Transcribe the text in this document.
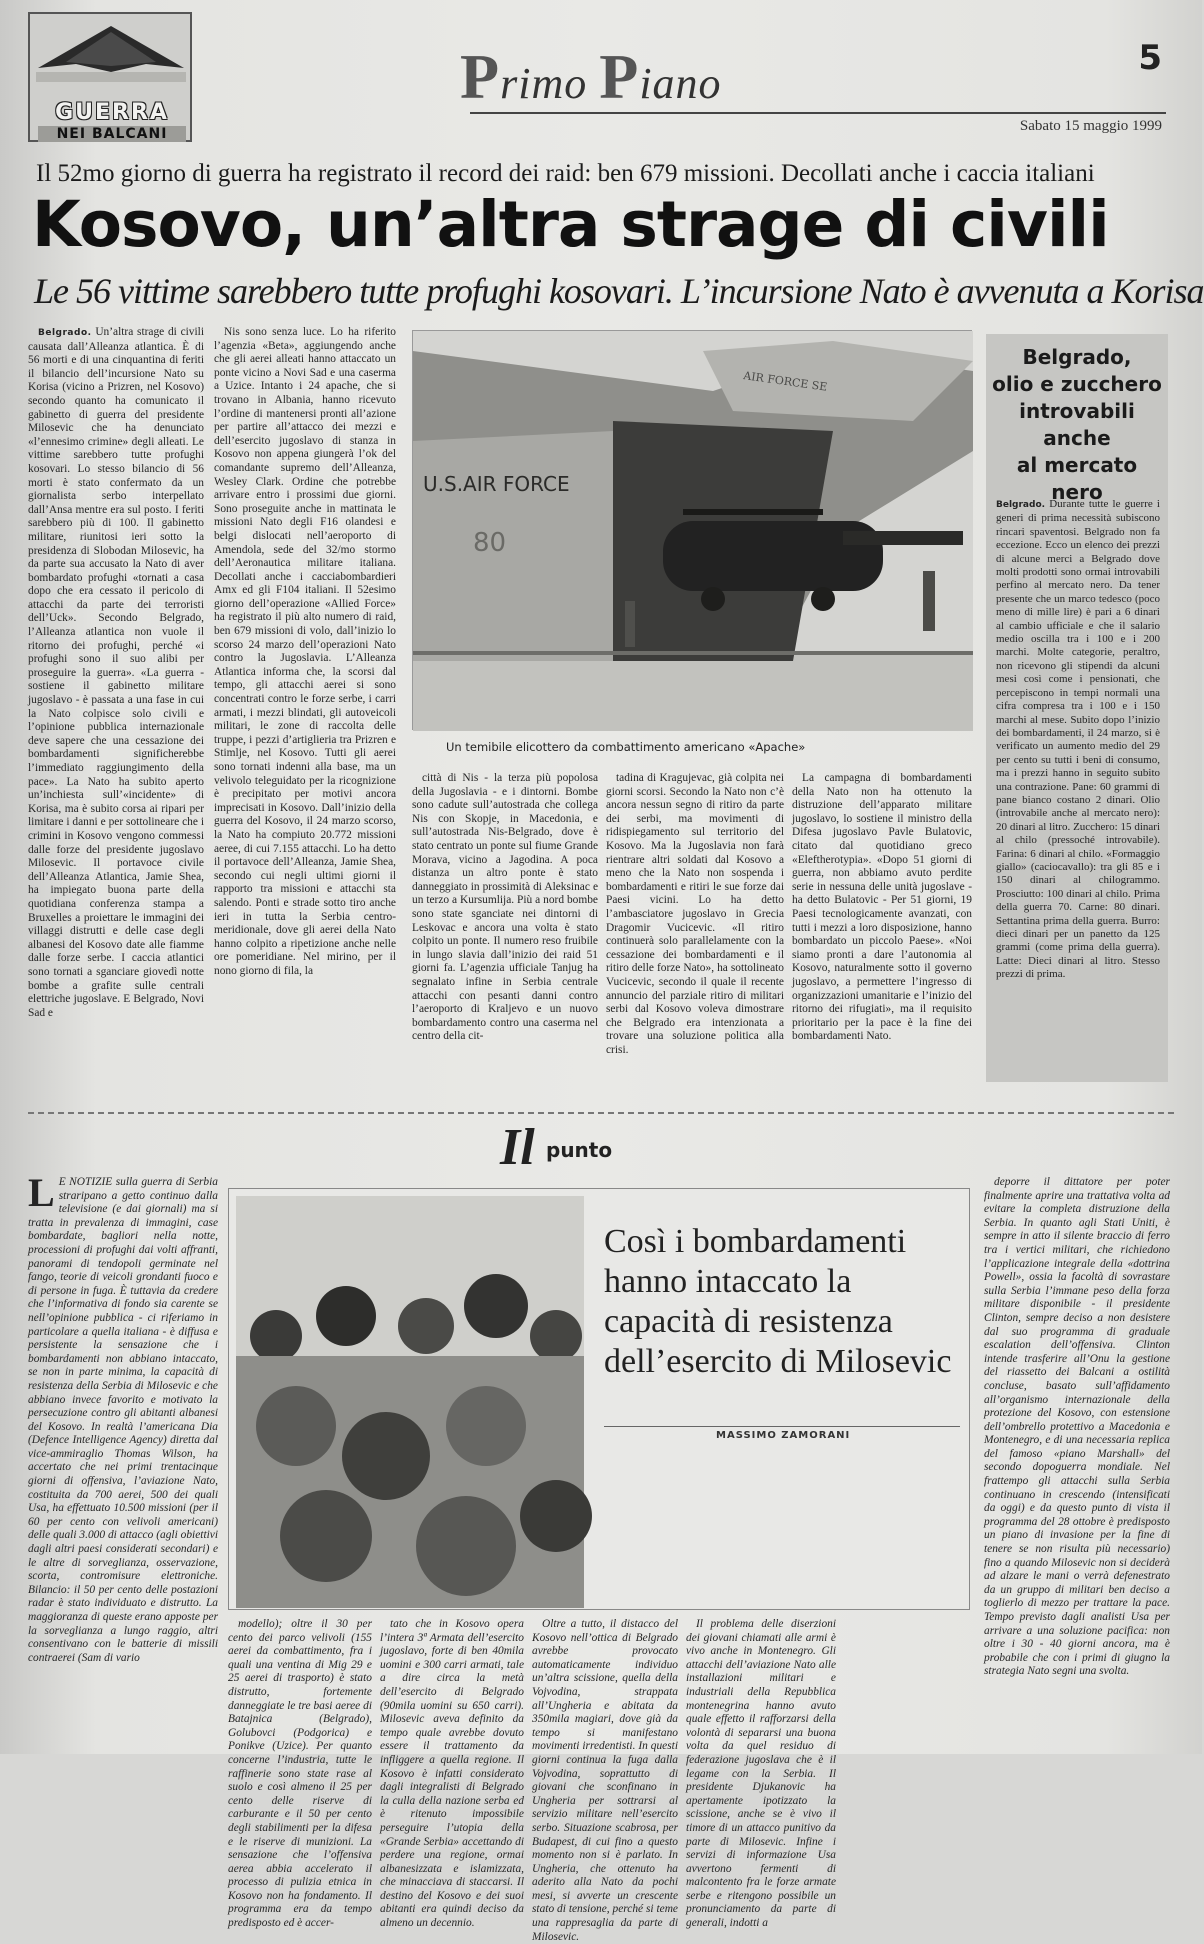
GUERRA
NEI BALCANI
Primo Piano
5
Sabato 15 maggio 1999
Il 52mo giorno di guerra ha registrato il record dei raid: ben 679 missioni. Decollati anche i caccia italiani
Kosovo, un’altra strage di civili
Le 56 vittime sarebbero tutte profughi kosovari. L’incursione Nato è avvenuta a Korisa

Belgrado. Un’altra strage di civili causata dall’Alleanza atlantica. È di 56 morti e di una cinquantina di feriti il bilancio dell’incursione Nato su Korisa (vicino a Prizren, nel Kosovo) secondo quanto ha comunicato il gabinetto di guerra del presidente Milosevic che ha denunciato «l’ennesimo crimine» degli alleati. Le vittime sarebbero tutte profughi kosovari. Lo stesso bilancio di 56 morti è stato confermato da un giornalista serbo interpellato dall’Ansa mentre era sul posto. I feriti sarebbero più di 100. Il gabinetto militare, riunitosi ieri sotto la presidenza di Slobodan Milosevic, ha da parte sua accusato la Nato di aver bombardato profughi «tornati a casa dopo che era cessato il pericolo di attacchi da parte dei terroristi dell’Uck». Secondo Belgrado, l’Alleanza atlantica non vuole il ritorno dei profughi, perché «i profughi sono il suo alibi per proseguire la guerra». «La guerra - sostiene il gabinetto militare jugoslavo - è passata a una fase in cui la Nato colpisce solo civili e l’opinione pubblica internazionale deve sapere che una cessazione dei bombardamenti significherebbe l’immediato raggiungimento della pace». La Nato ha subito aperto un’inchiesta sull’«incidente» di Korisa, ma è subito corsa ai ripari per limitare i danni e per sottolineare che i crimini in Kosovo vengono commessi dalle forze del presidente jugoslavo Milosevic. Il portavoce civile dell’Alleanza Atlantica, Jamie Shea, ha impiegato buona parte della quotidiana conferenza stampa a Bruxelles a proiettare le immagini dei villaggi distrutti e delle case degli albanesi del Kosovo date alle fiamme dalle forze serbe. I caccia atlantici sono tornati a sganciare giovedì notte bombe a grafite sulle centrali elettriche jugoslave. E Belgrado, Novi Sad e

Nis sono senza luce. Lo ha riferito l’agenzia «Beta», aggiungendo anche che gli aerei alleati hanno attaccato un ponte vicino a Novi Sad e una caserma a Uzice. Intanto i 24 apache, che si trovano in Albania, hanno ricevuto l’ordine di mantenersi pronti all’azione per partire all’attacco dei mezzi e dell’esercito jugoslavo di stanza in Kosovo non appena giungerà l’ok del comandante supremo dell’Alleanza, Wesley Clark. Ordine che potrebbe arrivare entro i prossimi due giorni. Sono proseguite anche in mattinata le missioni Nato degli F16 olandesi e belgi dislocati nell’aeroporto di Amendola, sede del 32/mo stormo dell’Aeronautica militare italiana. Decollati anche i cacciabombardieri Amx ed gli F104 italiani. Il 52esimo giorno dell’operazione «Allied Force» ha registrato il più alto numero di raid, ben 679 missioni di volo, dall’inizio lo scorso 24 marzo dell’operazioni Nato contro la Jugoslavia. L’Alleanza Atlantica informa che, la scorsi dal tempo, gli attacchi aerei si sono concentrati contro le forze serbe, i carri armati, i mezzi blindati, gli autoveicoli militari, le zone di raccolta delle truppe, i pezzi d’artiglieria tra Prizren e Stimlje, nel Kosovo. Tutti gli aerei sono tornati indenni alla base, ma un velivolo teleguidato per la ricognizione è precipitato per motivi ancora imprecisati in Kosovo. Dall’inizio della guerra del Kosovo, il 24 marzo scorso, la Nato ha compiuto 20.772 missioni aeree, di cui 7.155 attacchi. Lo ha detto il portavoce dell’Alleanza, Jamie Shea, secondo cui negli ultimi giorni il rapporto tra missioni e attacchi sta salendo. Ponti e strade sotto tiro anche ieri in tutta la Serbia centro-meridionale, dove gli aerei della Nato hanno colpito a ripetizione anche nelle ore pomeridiane. Nel mirino, per il nono giorno di fila, la

U.S.AIR FORCE
AIR FORCE SE
80
Un temibile elicottero da combattimento americano «Apache»

città di Nis - la terza più popolosa della Jugoslavia - e i dintorni. Bombe sono cadute sull’autostrada che collega Nis con Skopje, in Macedonia, e sull’autostrada Nis-Belgrado, dove è stato centrato un ponte sul fiume Grande Morava, vicino a Jagodina. A poca distanza un altro ponte è stato danneggiato in prossimità di Aleksinac e un terzo a Kursumlija. Più a nord bombe sono state sganciate nei dintorni di Leskovac e ancora una volta è stato colpito un ponte. Il numero reso fruibile in lungo slavia dall’inizio dei raid 51 giorni fa. L’agenzia ufficiale Tanjug ha segnalato infine in Serbia centrale attacchi con pesanti danni contro l’aeroporto di Kraljevo e un nuovo bombardamento contro una caserma nel centro della cit-

tadina di Kragujevac, già colpita nei giorni scorsi. Secondo la Nato non c’è ancora nessun segno di ritiro da parte dei serbi, ma movimenti di ridispiegamento sul territorio del Kosovo. Ma la Jugoslavia non farà rientrare altri soldati dal Kosovo a meno che la Nato non sospenda i bombardamenti e ritiri le sue forze dai Paesi vicini. Lo ha detto l’ambasciatore jugoslavo in Grecia Dragomir Vucicevic. «Il ritiro continuerà solo parallelamente con la cessazione dei bombardamenti e il ritiro delle forze Nato», ha sottolineato Vucicevic, secondo il quale il recente annuncio del parziale ritiro di militari serbi dal Kosovo voleva dimostrare che Belgrado era intenzionata a trovare una soluzione politica alla crisi.

La campagna di bombardamenti della Nato non ha ottenuto la distruzione dell’apparato militare jugoslavo, lo sostiene il ministro della Difesa jugoslavo Pavle Bulatovic, citato dal quotidiano greco «Eleftherotypia». «Dopo 51 giorni di guerra, non abbiamo avuto perdite serie in nessuna delle unità jugoslave - ha detto Bulatovic - Per 51 giorni, 19 Paesi tecnologicamente avanzati, con tutti i mezzi a loro disposizione, hanno bombardato un piccolo Paese». «Noi siamo pronti a dare l’autonomia al Kosovo, naturalmente sotto il governo jugoslavo, a permettere l’ingresso di organizzazioni umanitarie e l’inizio del ritorno dei rifugiati», ma il requisito prioritario per la pace è la fine dei bombardamenti Nato.

Belgrado,
olio e zucchero
introvabili
anche
al mercato nero
Belgrado. Durante tutte le guerre i generi di prima necessità subiscono rincari spaventosi. Belgrado non fa eccezione. Ecco un elenco dei prezzi di alcune merci a Belgrado dove molti prodotti sono ormai introvabili perfino al mercato nero. Da tener presente che un marco tedesco (poco meno di mille lire) è pari a 6 dinari al cambio ufficiale e che il salario medio oscilla tra i 100 e i 200 marchi. Molte categorie, peraltro, non ricevono gli stipendi da alcuni mesi così come i pensionati, che percepiscono in tempi normali una cifra compresa tra i 100 e i 150 marchi al mese. Subito dopo l’inizio dei bombardamenti, il 24 marzo, si è verificato un aumento medio del 29 per cento su tutti i beni di consumo, ma i prezzi hanno in seguito subito una contrazione. Pane: 60 grammi di pane bianco costano 2 dinari. Olio (introvabile anche al mercato nero): 20 dinari al litro. Zucchero: 15 dinari al chilo (pressoché introvabile). Farina: 6 dinari al chilo. «Formaggio giallo» (caciocavallo): tra gli 85 e i 150 dinari al chilogrammo. Prosciutto: 100 dinari al chilo. Prima della guerra 70. Carne: 80 dinari. Settantina prima della guerra. Burro: dieci dinari per un panetto da 125 grammi (come prima della guerra). Latte: Dieci dinari al litro. Stesso prezzi di prima.
Il punto

L E NOTIZIE sulla guerra di Serbia straripano a getto continuo dalla televisione (e dai giornali) ma si tratta in prevalenza di immagini, case bombardate, bagliori nella notte, processioni di profughi dai volti affranti, panorami di tendopoli germinate nel fango, teorie di veicoli grondanti fuoco e di persone in fuga. È tuttavia da credere che l’informativa di fondo sia carente se nell’opinione pubblica - ci riferiamo in particolare a quella italiana - è diffusa e persistente la sensazione che i bombardamenti non abbiano intaccato, se non in parte minima, la capacità di resistenza della Serbia di Milosevic e che abbiano invece favorito e motivato la persecuzione contro gli abitanti albanesi del Kosovo. In realtà l’americana Dia (Defence Intelligence Agency) diretta dal vice-ammiraglio Thomas Wilson, ha accertato che nei primi trentacinque giorni di offensiva, l’aviazione Nato, costituita da 700 aerei, 500 dei quali Usa, ha effettuato 10.500 missioni (per il 60 per cento con velivoli americani) delle quali 3.000 di attacco (agli obiettivi dagli altri paesi considerati secondari) e le altre di sorveglianza, osservazione, scorta, contromisure elettroniche. Bilancio: il 50 per cento delle postazioni radar è stato individuato e distrutto. La maggioranza di queste erano apposte per la sorveglianza a lungo raggio, altri consentivano con le batterie di missili contraerei (Sam di vario

Così i bombardamenti hanno intaccato la capacità di resistenza dell’esercito di Milosevic
MASSIMO ZAMORANI

modello); oltre il 30 per cento dei parco velivoli (155 aerei da combattimento, fra i quali una ventina di Mig 29 e 25 aerei di trasporto) è stato distrutto, fortemente danneggiate le tre basi aeree di Batajnica (Belgrado), Golubovci (Podgorica) e Ponikve (Uzice). Per quanto concerne l’industria, tutte le raffinerie sono state rase al suolo e così almeno il 25 per cento delle riserve di carburante e il 50 per cento degli stabilimenti per la difesa e le riserve di munizioni. La sensazione che l’offensiva aerea abbia accelerato il processo di pulizia etnica in Kosovo non ha fondamento. Il programma era da tempo predisposto ed è accer-

tato che in Kosovo opera l’intera 3ª Armata dell’esercito jugoslavo, forte di ben 40mila uomini e 300 carri armati, tale a dire circa la metà dell’esercito di Belgrado (90mila uomini su 650 carri). Milosevic aveva definito da tempo quale avrebbe dovuto essere il trattamento da infliggere a quella regione. Il Kosovo è infatti considerato dagli integralisti di Belgrado la culla della nazione serba ed è ritenuto impossibile perseguire l’utopia della «Grande Serbia» accettando di perdere una regione, ormai albanesizzata e islamizzata, che minacciava di staccarsi. Il destino del Kosovo e dei suoi abitanti era quindi deciso da almeno un decennio.

Oltre a tutto, il distacco del Kosovo nell’ottica di Belgrado avrebbe provocato automaticamente individuo un’altra scissione, quella della Vojvodina, strappata all’Ungheria e abitata da 350mila magiari, dove già da tempo si manifestano movimenti irredentisti. In questi giorni continua la fuga dalla Vojvodina, soprattutto di giovani che sconfinano in Ungheria per sottrarsi al servizio militare nell’esercito serbo. Situazione scabrosa, per Budapest, di cui fino a questo momento non si è parlato. In Ungheria, che ottenuto ha aderito alla Nato da pochi mesi, si avverte un crescente stato di tensione, perché si teme una rappresaglia da parte di Milosevic.

Il problema delle diserzioni dei giovani chiamati alle armi è vivo anche in Montenegro. Gli attacchi dell’aviazione Nato alle installazioni militari e industriali della Repubblica montenegrina hanno avuto quale effetto il rafforzarsi della volontà di separarsi una buona volta da quel residuo di federazione jugoslava che è il legame con la Serbia. Il presidente Djukanovic ha apertamente ipotizzato la scissione, anche se è vivo il timore di un attacco punitivo da parte di Milosevic. Infine i servizi di informazione Usa avvertono fermenti di malcontento fra le forze armate serbe e ritengono possibile un pronunciamento da parte di generali, indotti a

deporre il dittatore per poter finalmente aprire una trattativa volta ad evitare la completa distruzione della Serbia. In quanto agli Stati Uniti, è sempre in atto il silente braccio di ferro tra i vertici militari, che richiedono l’applicazione integrale della «dottrina Powell», ossia la facoltà di sovrastare sulla Serbia l’immane peso della forza militare disponibile - il presidente Clinton, sempre deciso a non desistere dal suo programma di graduale escalation dell’offensiva. Clinton intende trasferire all’Onu la gestione del riassetto dei Balcani a ostilità concluse, basato sull’affidamento all’organismo internazionale della protezione del Kosovo, con estensione dell’ombrello protettivo a Macedonia e Montenegro, e di una necessaria replica del famoso «piano Marshall» del secondo dopoguerra mondiale. Nel frattempo gli attacchi sulla Serbia continuano in crescendo (intensificati da oggi) e da questo punto di vista il programma del 28 ottobre è predisposto un piano di invasione per la fine di tenere se non risulta più necessario) fino a quando Milosevic non si deciderà ad alzare le mani o verrà defenestrato da un gruppo di militari ben deciso a toglierlo di mezzo per trattare la pace. Tempo previsto dagli analisti Usa per arrivare a una soluzione pacifica: non oltre i 30 - 40 giorni ancora, ma è probabile che con i primi di giugno la strategia Nato segni una svolta.
